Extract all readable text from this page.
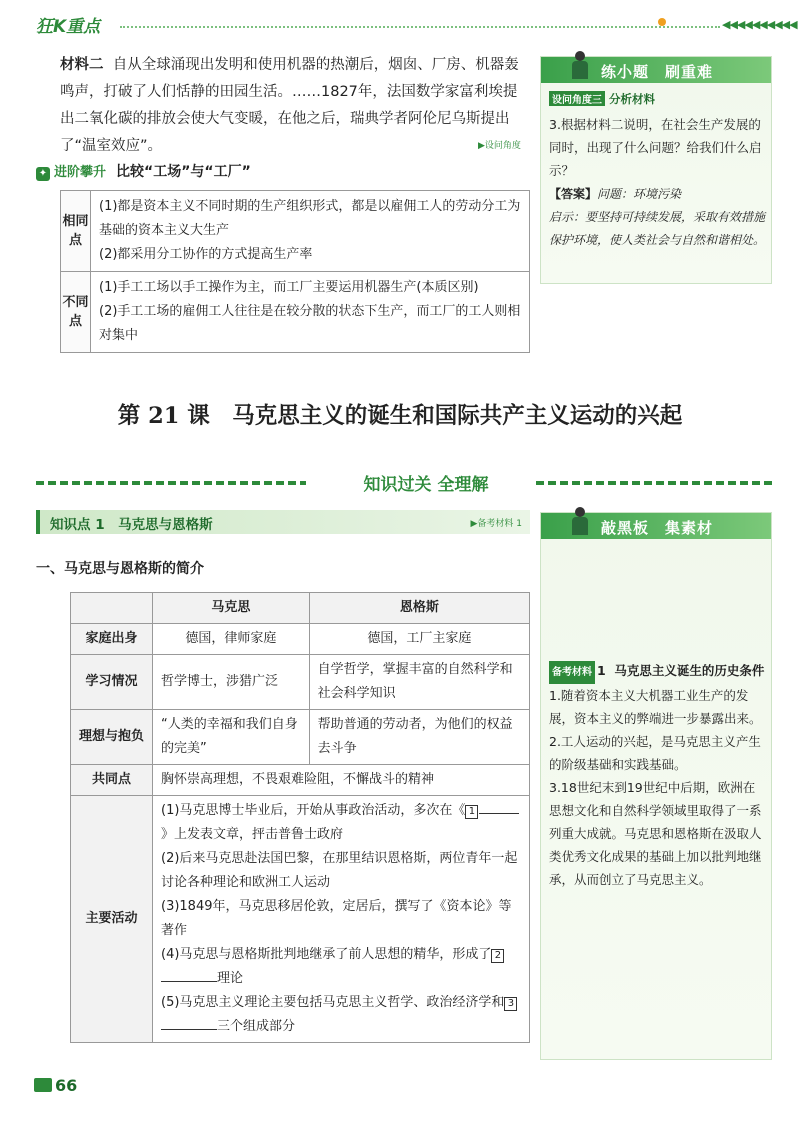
狂K重点	◀◀◀◀◀◀◀◀◀◀
材料二 自从全球涌现出发明和使用机器的热潮后，烟囱、厂房、机器轰鸣声，打破了人们恬静的田园生活。……1827年，法国数学家富利埃提出二氧化碳的排放会使大气变暖，在他之后，瑞典学者阿伦尼乌斯提出了“温室效应”。	▶设问角度
✦ 进阶攀升 比较“工场”与“工厂”
相同点	(1)都是资本主义不同时期的生产组织形式，都是以雇佣工人的劳动分工为基础的资本主义大生产
(2)都采用分工协作的方式提高生产率

不同点	(1)手工工场以手工操作为主，而工厂主要运用机器生产(本质区别)
(2)手工工场的雇佣工人往往是在较分散的状态下生产，而工厂的工人则相对集中
第 21 课　马克思主义的诞生和国际共产主义运动的兴起
知识过关 全理解
知识点 1　马克思与恩格斯	▶备考材料 1
一、马克思与恩格斯的简介
	马克思	恩格斯
家庭出身	德国，律师家庭	德国，工厂主家庭
学习情况	哲学博士，涉猎广泛	自学哲学，掌握丰富的自然科学和社会科学知识
理想与抱负	“人类的幸福和我们自身的完美”	帮助普通的劳动者，为他们的权益去斗争
共同点	胸怀崇高理想，不畏艰难险阻，不懈战斗的精神	
主要活动	(1)马克思博士毕业后，开始从事政治活动，多次在《 1》上发表文章，抨击普鲁士政府
(2)后来马克思赴法国巴黎，在那里结识恩格斯，两位青年一起讨论各种理论和欧洲工人运动
(3)1849年，马克思移居伦敦，定居后，撰写了《资本论》等著作
(4)马克思与恩格斯批判地继承了前人思想的精华，形成了 2理论
(5)马克思主义理论主要包括马克思主义哲学、政治经济学和 3三个组成部分	
练小题　刷重难
设问角度三 分析材料
3.根据材料二说明，在社会生产发展的同时，出现了什么问题？给我们什么启示？
【答案】问题：环境污染
启示：要坚持可持续发展，采取有效措施保护环境，使人类社会与自然和谐相处。
敲黑板　集素材
备考材料 1 马克思主义诞生的历史条件
1.随着资本主义大机器工业生产的发展，资本主义的弊端进一步暴露出来。
2.工人运动的兴起，是马克思主义产生的阶级基础和实践基础。
3.18世纪末到19世纪中后期，欧洲在思想文化和自然科学领域里取得了一系列重大成就。马克思和恩格斯在汲取人类优秀文化成果的基础上加以批判地继承，从而创立了马克思主义。
66
